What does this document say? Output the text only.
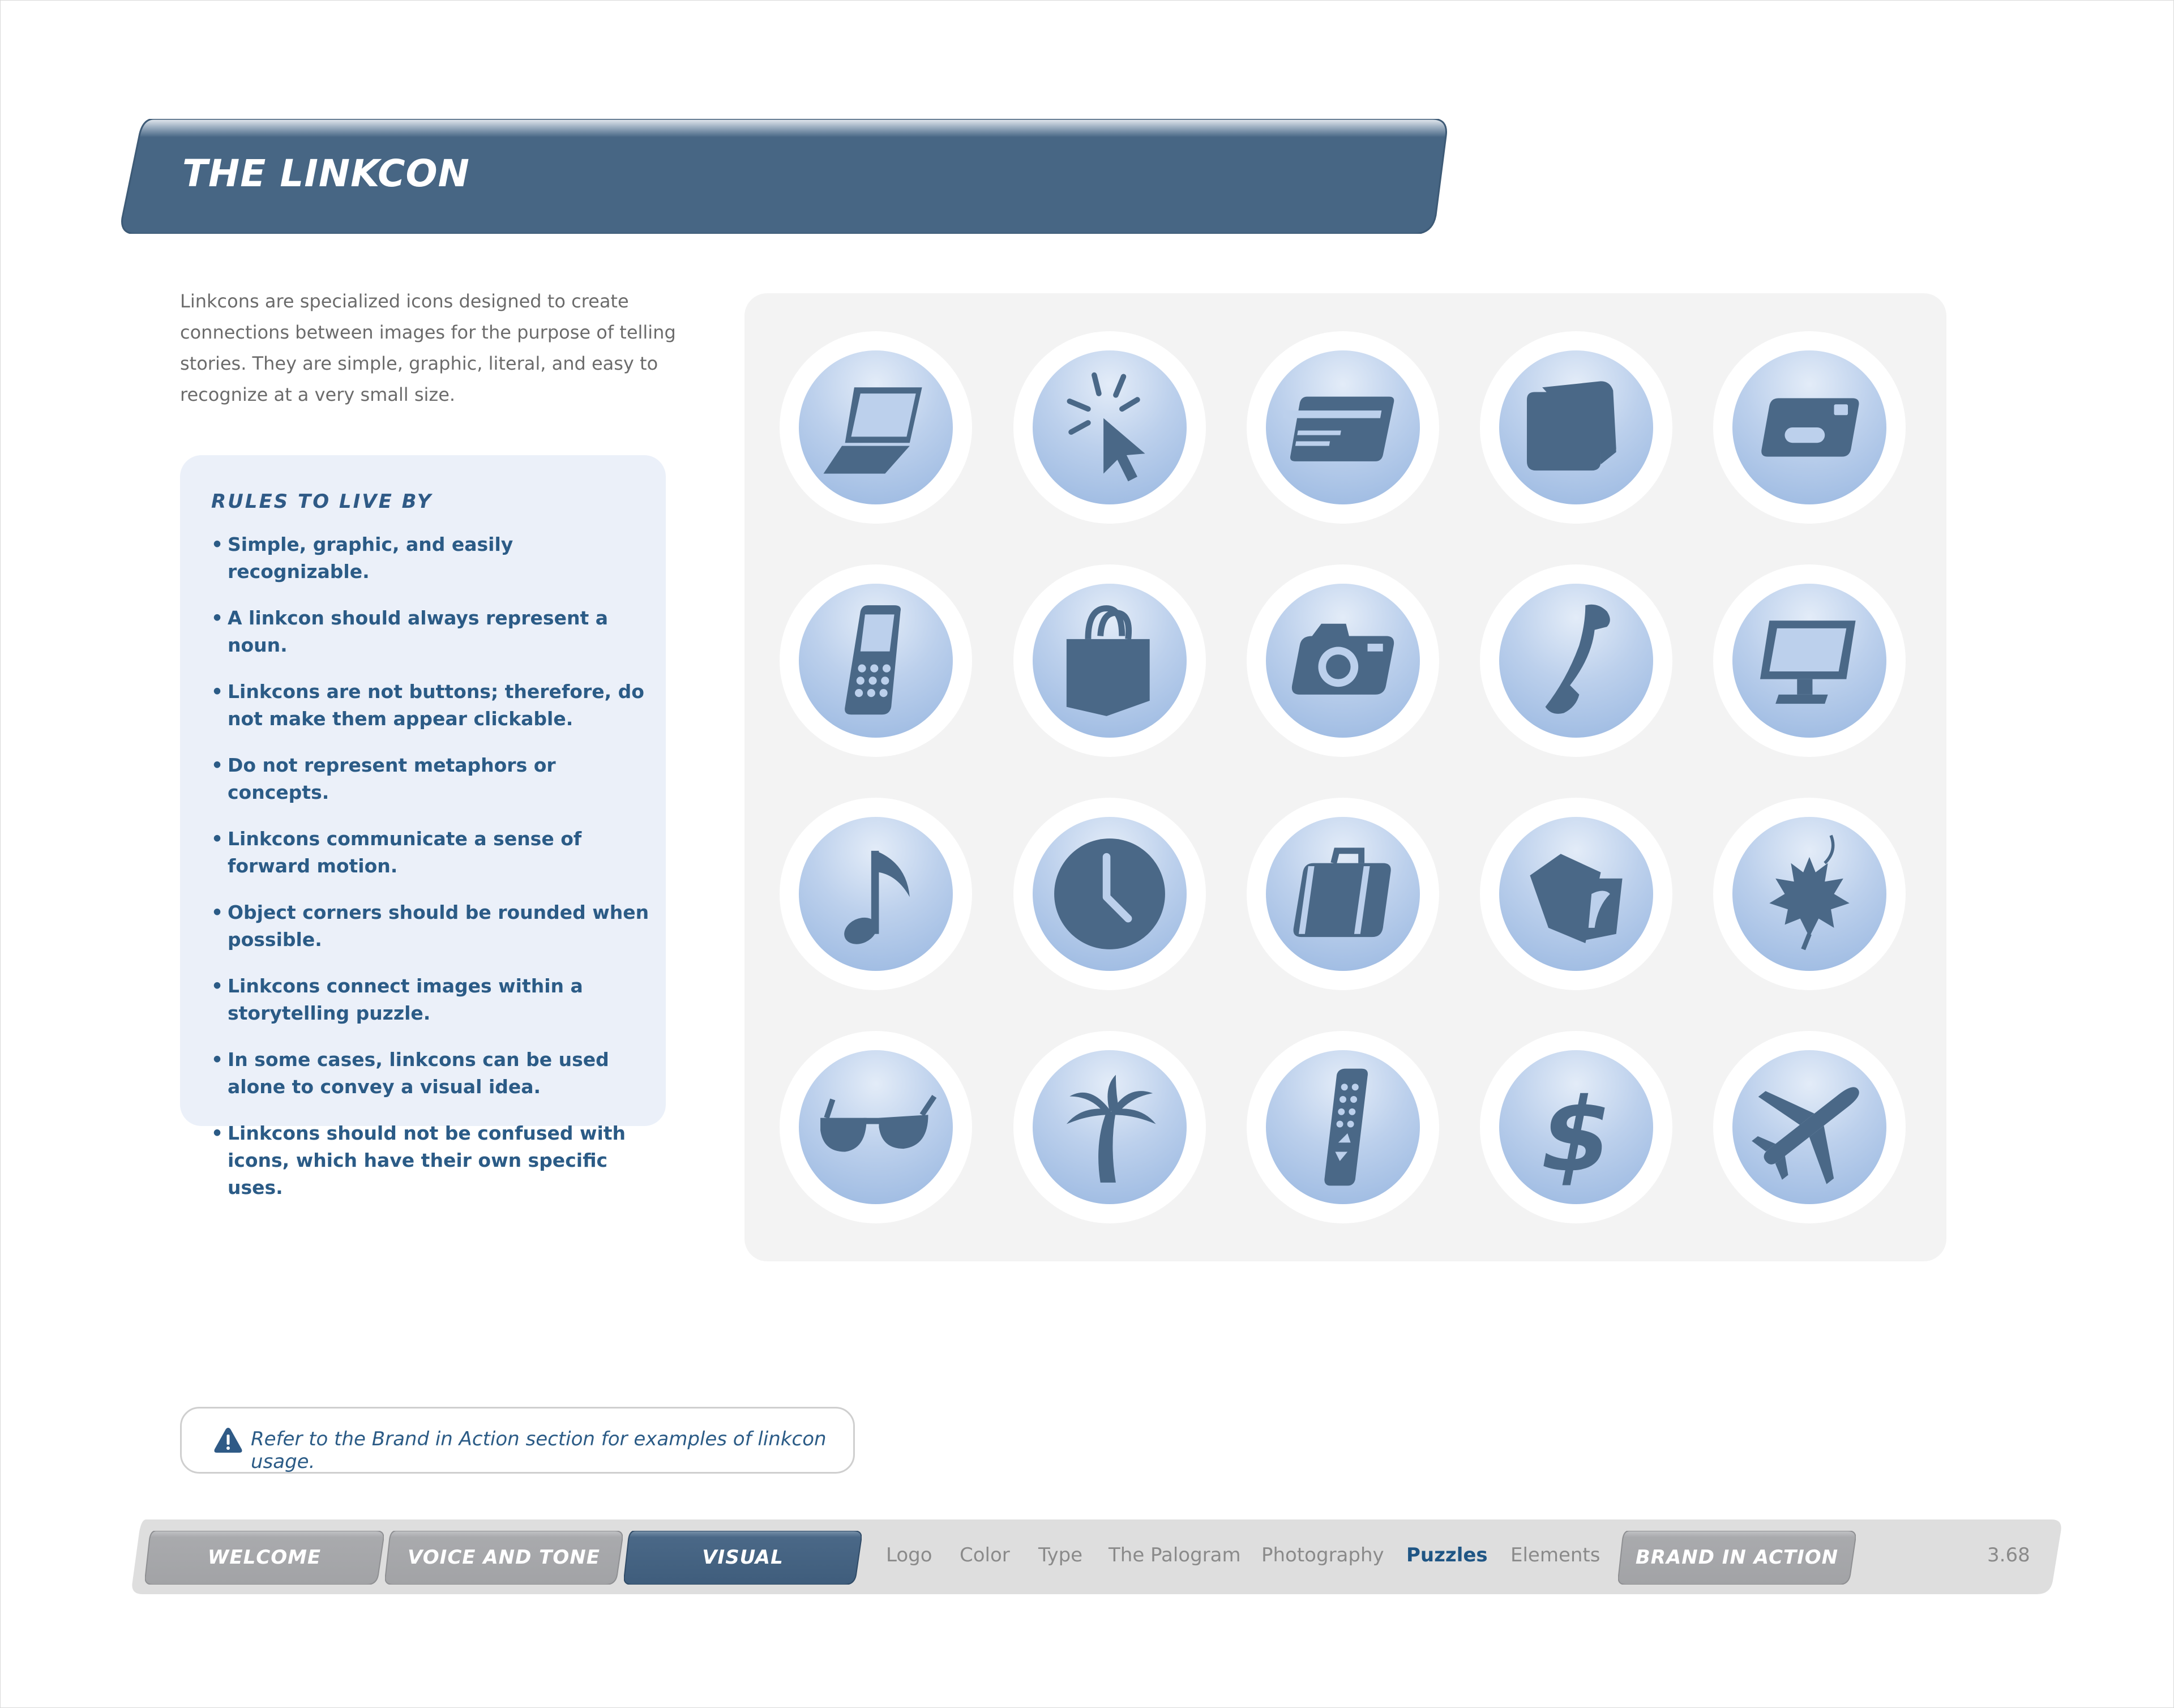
THE LINKCON
Linkcons are specialized icons designed to create
connections between images for the purpose of telling
stories. They are simple, graphic, literal, and easy to
recognize at a very small size.
RULES TO LIVE BY
• Simple, graphic, and easily recognizable.
• A linkcon should always represent a noun.
• Linkcons are not buttons; therefore, do not make them appear clickable.
• Do not represent metaphors or concepts.
• Linkcons communicate a sense of forward motion.
• Object corners should be rounded when possible.
• Linkcons connect images within a storytelling puzzle.
• In some cases, linkcons can be used alone to convey a visual idea.
• Linkcons should not be confused with icons, which have their own specific uses.	$
Refer to the Brand in Action section for examples of linkcon usage.
WELCOME	VOICE AND TONE	VISUAL VOCABULARY
Logo Color Type The Palogram Photography Puzzles Elements	BRAND IN ACTION	3.68
